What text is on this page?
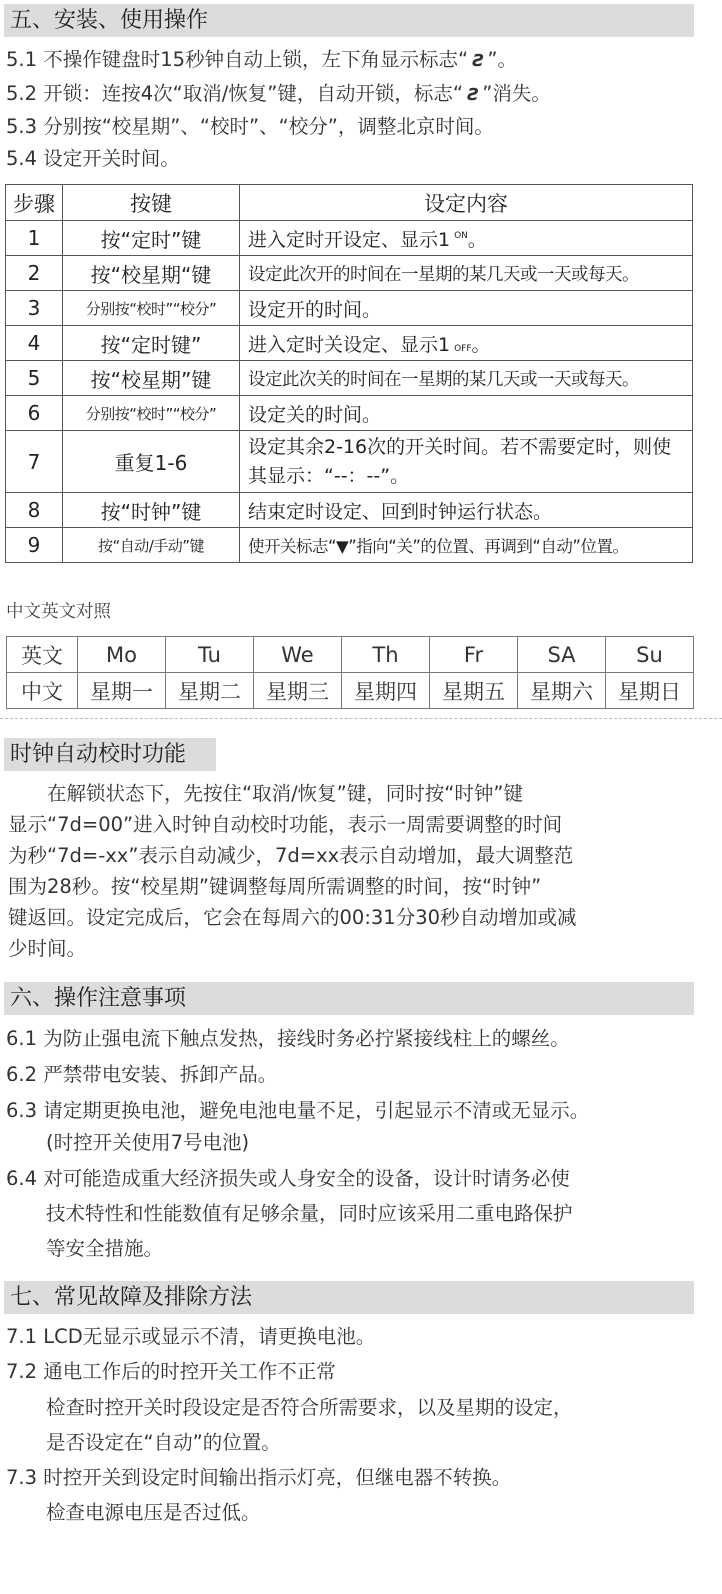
五、安装、使用操作
5.1 不操作键盘时15秒钟自动上锁，左下角显示标志“ ƨ ”。
5.2 开锁：连按4次“取消/恢复”键，自动开锁，标志“ ƨ ”消失。
5.3 分别按“校星期”、“校时”、“校分”，调整北京时间。
5.4 设定开关时间。
步骤	按键	设定内容
1	按“定时”键	进入定时开设定、显示1 $^{ON}$。
2	按“校星期“键	设定此次开的时间在一星期的某几天或一天或每天。
3	分别按“校时”“校分”	设定开的时间。
4	按“定时键”	进入定时关设定、显示1 OFF。
5	按“校星期”键	设定此次关的时间在一星期的某几天或一天或每天。
6	分别按“校时”“校分”	设定关的时间。
7	重复1-6	设定其余2-16次的开关时间。若不需要定时，则使
其显示：“--：--”。

8	按“时钟”键	结束定时设定、回到时钟运行状态。
9	按“自动/手动”键	使开关标志“▼”指向“关”的位置、再调到“自动”位置。
中文英文对照
英文	Mo	Tu	We	Th	Fr	SA	Su
中文	星期一	星期二	星期三	星期四	星期五	星期六	星期日
时钟自动校时功能
　　在解锁状态下，先按住“取消/恢复”键，同时按“时钟”键
显示“7d=00”进入时钟自动校时功能，表示一周需要调整的时间
为秒“7d=-xx”表示自动减少，7d=xx表示自动增加，最大调整范
围为28秒。按“校星期”键调整每周所需调整的时间，按“时钟”
键返回。设定完成后，它会在每周六的00:31分30秒自动增加或减
少时间。
六、操作注意事项
6.1 为防止强电流下触点发热，接线时务必拧紧接线柱上的螺丝。
6.2 严禁带电安装、拆卸产品。
6.3 请定期更换电池，避免电池电量不足，引起显示不清或无显示。
(时控开关使用7号电池)
6.4 对可能造成重大经济损失或人身安全的设备，设计时请务必使
技术特性和性能数值有足够余量，同时应该采用二重电路保护
等安全措施。
七、常见故障及排除方法
7.1 LCD无显示或显示不清，请更换电池。
7.2 通电工作后的时控开关工作不正常
检查时控开关时段设定是否符合所需要求，以及星期的设定，
是否设定在“自动”的位置。
7.3 时控开关到设定时间输出指示灯亮，但继电器不转换。
检查电源电压是否过低。
